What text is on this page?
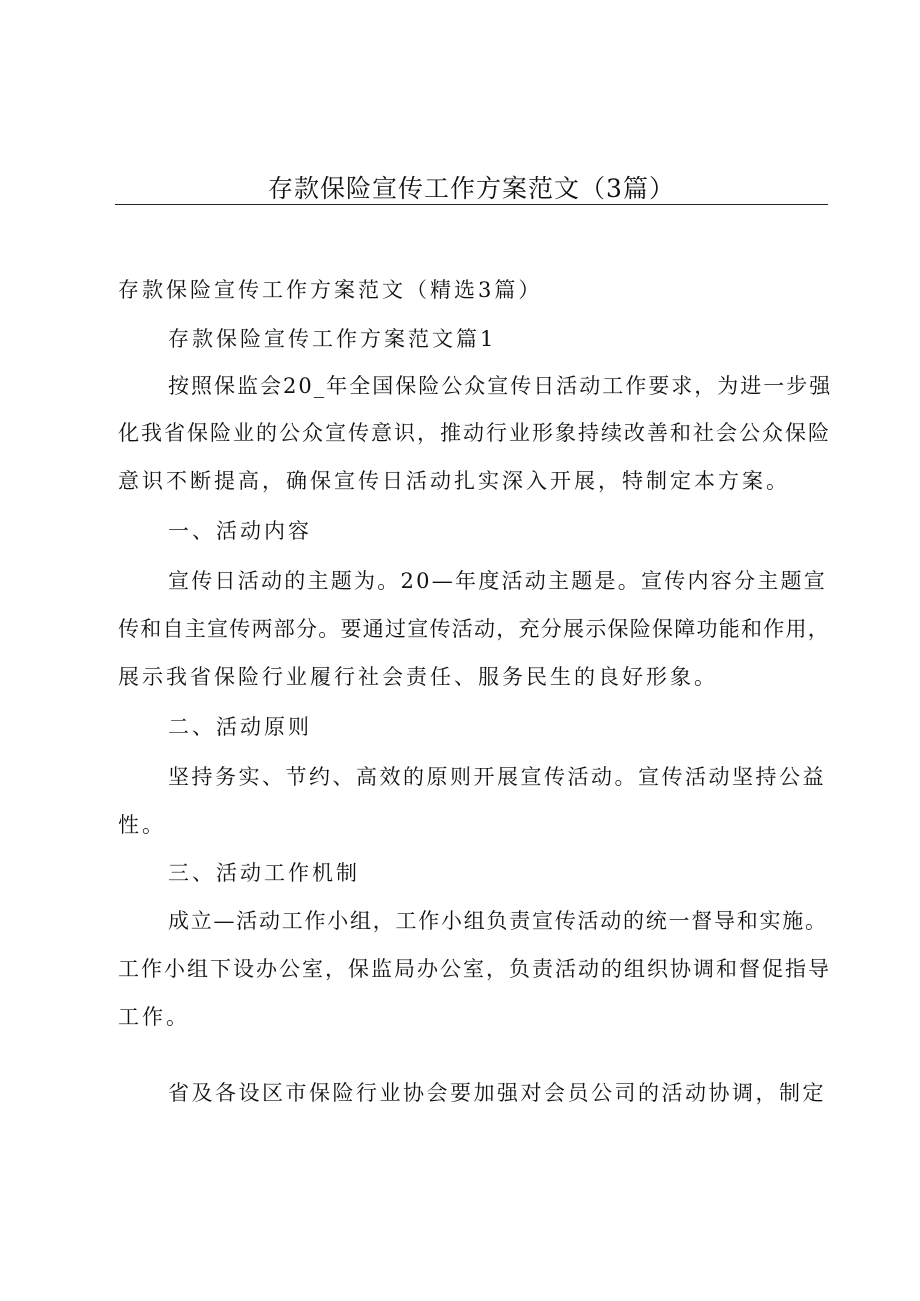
存款保险宣传工作方案范文（3篇）

存款保险宣传工作方案范文（精选3篇）

存款保险宣传工作方案范文篇1

按照保监会20_年全国保险公众宣传日活动工作要求，为进一步强

化我省保险业的公众宣传意识，推动行业形象持续改善和社会公众保险

意识不断提高，确保宣传日活动扎实深入开展，特制定本方案。

一、活动内容

宣传日活动的主题为。20—年度活动主题是。宣传内容分主题宣

传和自主宣传两部分。要通过宣传活动，充分展示保险保障功能和作用，

展示我省保险行业履行社会责任、服务民生的良好形象。

二、活动原则

坚持务实、节约、高效的原则开展宣传活动。宣传活动坚持公益

性。

三、活动工作机制

成立—活动工作小组，工作小组负责宣传活动的统一督导和实施。

工作小组下设办公室，保监局办公室，负责活动的组织协调和督促指导

工作。

省及各设区市保险行业协会要加强对会员公司的活动协调，制定
